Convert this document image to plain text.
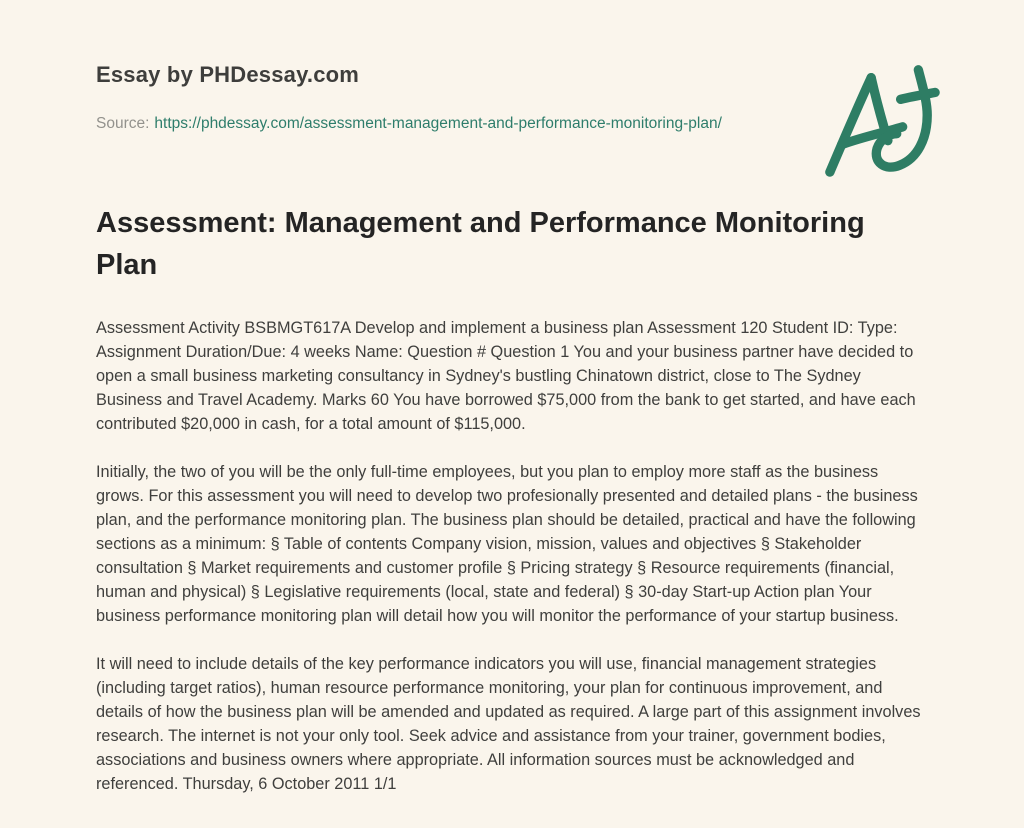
Essay by PHDessay.com

Source: https://phdessay.com/assessment-management-and-performance-monitoring-plan/

Assessment: Management and Performance Monitoring Plan

Assessment Activity BSBMGT617A Develop and implement a business plan Assessment 120 Student ID: Type: Assignment Duration/Due: 4 weeks Name: Question # Question 1 You and your business partner have decided to open a small business marketing consultancy in Sydney's bustling Chinatown district, close to The Sydney Business and Travel Academy. Marks 60 You have borrowed $75,000 from the bank to get started, and have each contributed $20,000 in cash, for a total amount of $115,000.

Initially, the two of you will be the only full-time employees, but you plan to employ more staff as the business grows. For this assessment you will need to develop two profesionally presented and detailed plans - the business plan, and the performance monitoring plan. The business plan should be detailed, practical and have the following sections as a minimum: § Table of contents Company vision, mission, values and objectives § Stakeholder consultation § Market requirements and customer profile § Pricing strategy § Resource requirements (financial, human and physical) § Legislative requirements (local, state and federal) § 30-day Start-up Action plan Your business performance monitoring plan will detail how you will monitor the performance of your startup business.

It will need to include details of the key performance indicators you will use, financial management strategies (including target ratios), human resource performance monitoring, your plan for continuous improvement, and details of how the business plan will be amended and updated as required. A large part of this assignment involves research. The internet is not your only tool. Seek advice and assistance from your trainer, government bodies, associations and business owners where appropriate. All information sources must be acknowledged and referenced. Thursday, 6 October 2011 1/1
